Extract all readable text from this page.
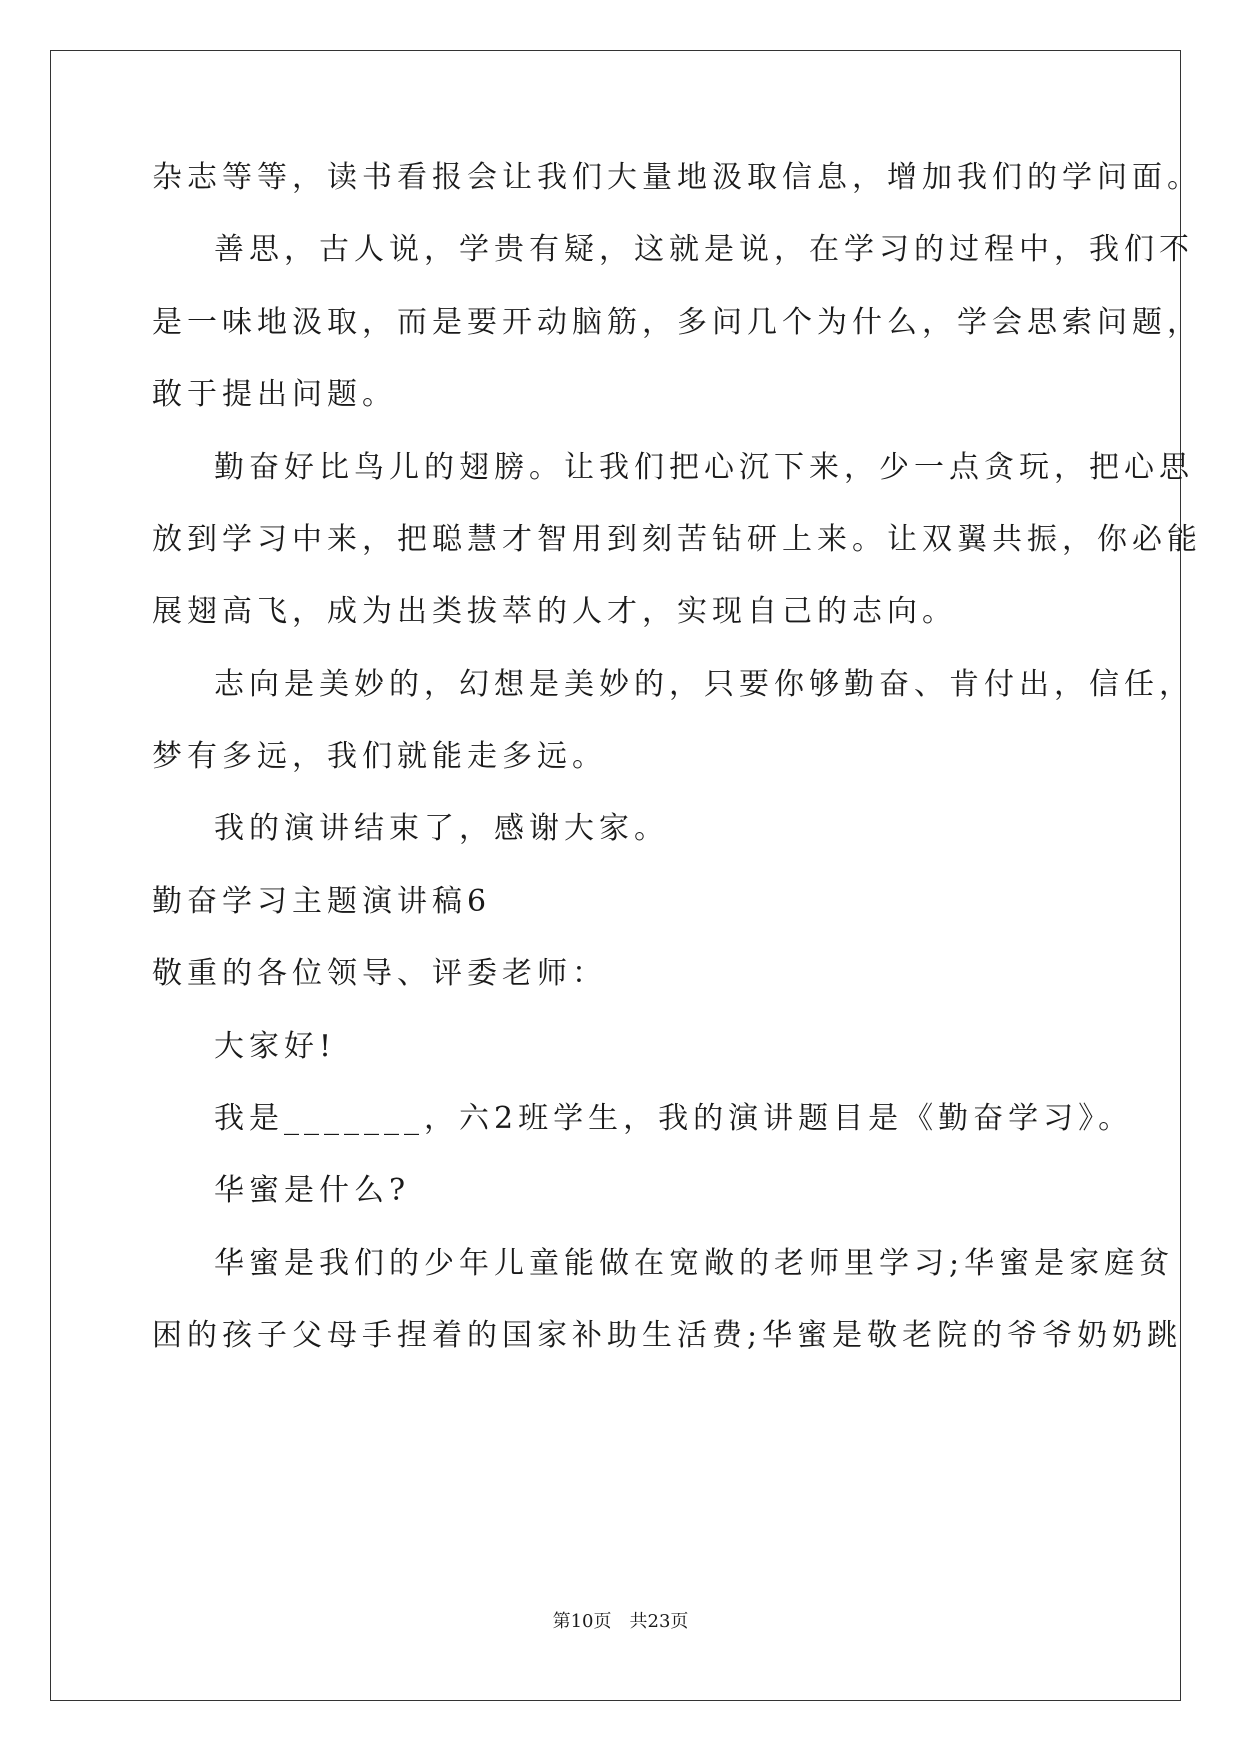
杂志等等，读书看报会让我们大量地汲取信息，增加我们的学问面。
善思，古人说，学贵有疑，这就是说，在学习的过程中，我们不
是一味地汲取，而是要开动脑筋，多问几个为什么，学会思索问题，
敢于提出问题。
勤奋好比鸟儿的翅膀。让我们把心沉下来，少一点贪玩，把心思
放到学习中来，把聪慧才智用到刻苦钻研上来。让双翼共振，你必能
展翅高飞，成为出类拔萃的人才，实现自己的志向。
志向是美妙的，幻想是美妙的，只要你够勤奋、肯付出，信任，
梦有多远，我们就能走多远。
我的演讲结束了，感谢大家。
勤奋学习主题演讲稿6
敬重的各位领导、评委老师：
大家好!
我是_______，六2班学生，我的演讲题目是《勤奋学习》。
华蜜是什么?
华蜜是我们的少年儿童能做在宽敞的老师里学习;华蜜是家庭贫
困的孩子父母手捏着的国家补助生活费;华蜜是敬老院的爷爷奶奶跳
第10页　共23页
